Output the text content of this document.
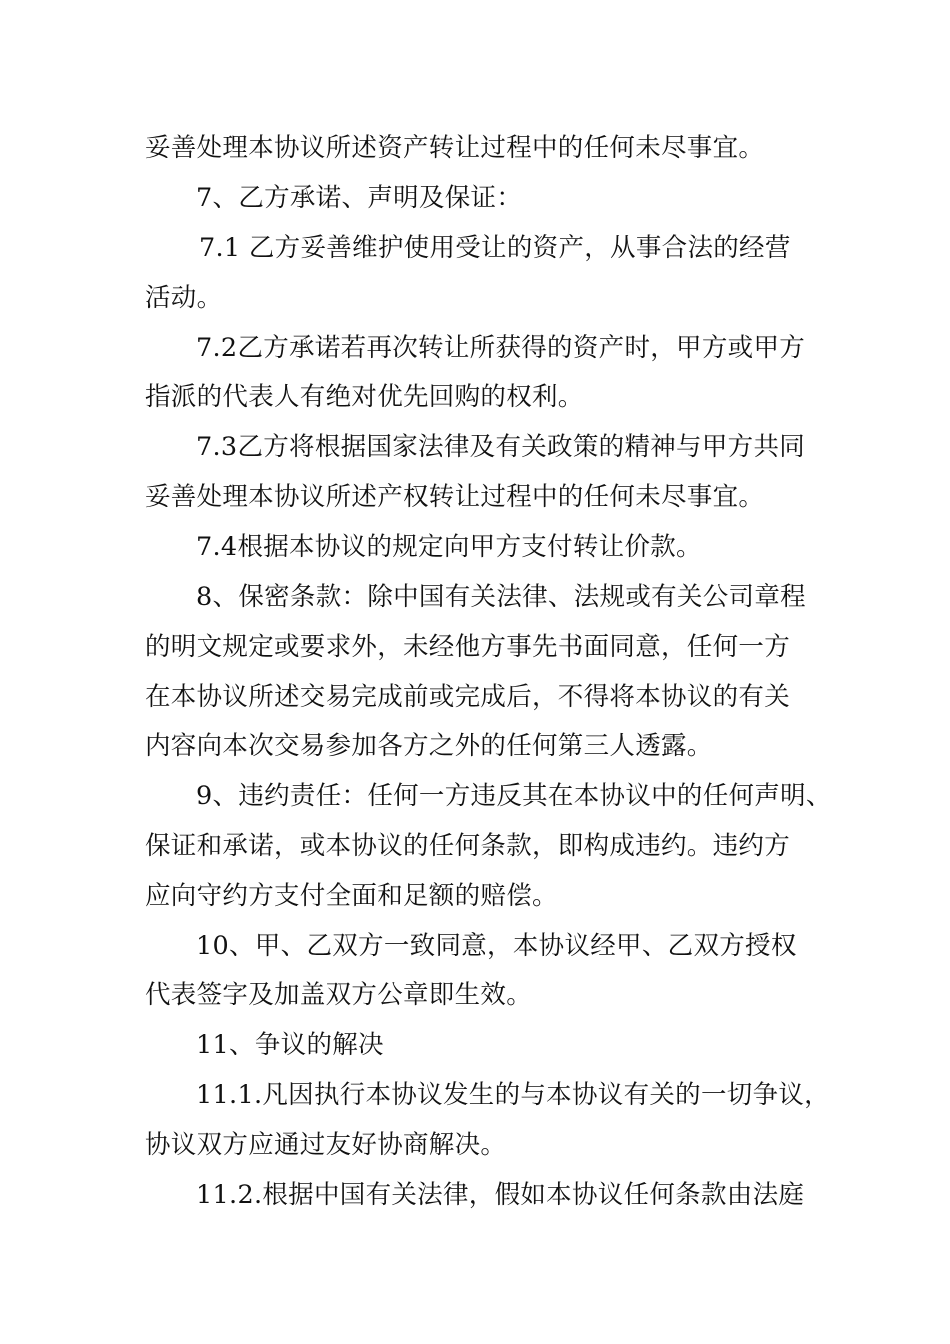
妥善处理本协议所述资产转让过程中的任何未尽事宜。
7、乙方承诺、声明及保证：
7.1 乙方妥善维护使用受让的资产，从事合法的经营
活动。
7.2乙方承诺若再次转让所获得的资产时，甲方或甲方
指派的代表人有绝对优先回购的权利。
7.3乙方将根据国家法律及有关政策的精神与甲方共同
妥善处理本协议所述产权转让过程中的任何未尽事宜。
7.4根据本协议的规定向甲方支付转让价款。
8、保密条款：除中国有关法律、法规或有关公司章程
的明文规定或要求外，未经他方事先书面同意，任何一方
在本协议所述交易完成前或完成后，不得将本协议的有关
内容向本次交易参加各方之外的任何第三人透露。
9、违约责任：任何一方违反其在本协议中的任何声明、
保证和承诺，或本协议的任何条款，即构成违约。违约方
应向守约方支付全面和足额的赔偿。
10、甲、乙双方一致同意，本协议经甲、乙双方授权
代表签字及加盖双方公章即生效。
11、争议的解决
11.1.凡因执行本协议发生的与本协议有关的一切争议，
协议双方应通过友好协商解决。
11.2.根据中国有关法律，假如本协议任何条款由法庭
